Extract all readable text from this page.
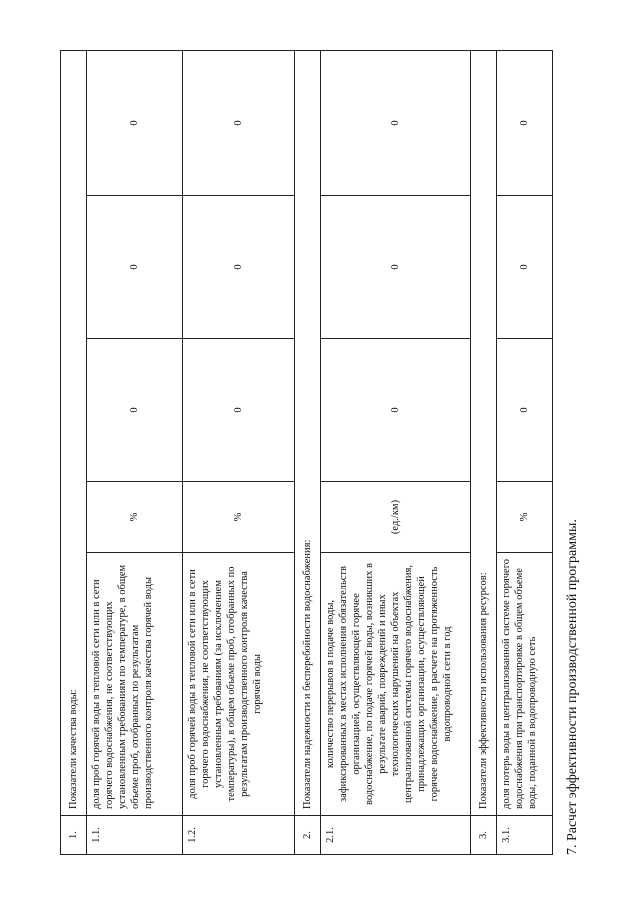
1.	Показатели качества воды:				
1.1.	доля проб горячей воды в тепловой сети или в сети горячего водоснабжения, не соответствующих установленным требованиям по температуре, в общем объеме проб, отобранных по результатам производственного контроля качества горячей воды	%	0	0	0
1.2.	доля проб горячей воды в тепловой сети или в сети горячего водоснабжения, не соответствующих установленным требованиям (за исключением температуры), в общем объеме проб, отобранных по результатам производственного контроля качества горячей воды	%	0	0	0
2.	Показатели надежности и бесперебойности водоснабжения:				
2.1.	количество перерывов в подаче воды, зафиксированных в местах исполнения обязательств организацией, осуществляющей горячее водоснабжение, по подаче горячей воды, возникших в результате аварий, повреждений и иных технологических нарушений на объектах централизованной системы горячего водоснабжения, принадлежащих организации, осуществляющей горячее водоснабжение, в расчете на протяженность водопроводной сети в год	(ед./км)	0	0	0
3.	Показатели эффективности использования ресурсов:				
3.1.	доля потерь воды в централизованной системе горячего водоснабжения при транспортировке в общем объеме воды, поданной в водопроводную сеть	%	0	0	0
7. Расчет эффективности производственной программы.
